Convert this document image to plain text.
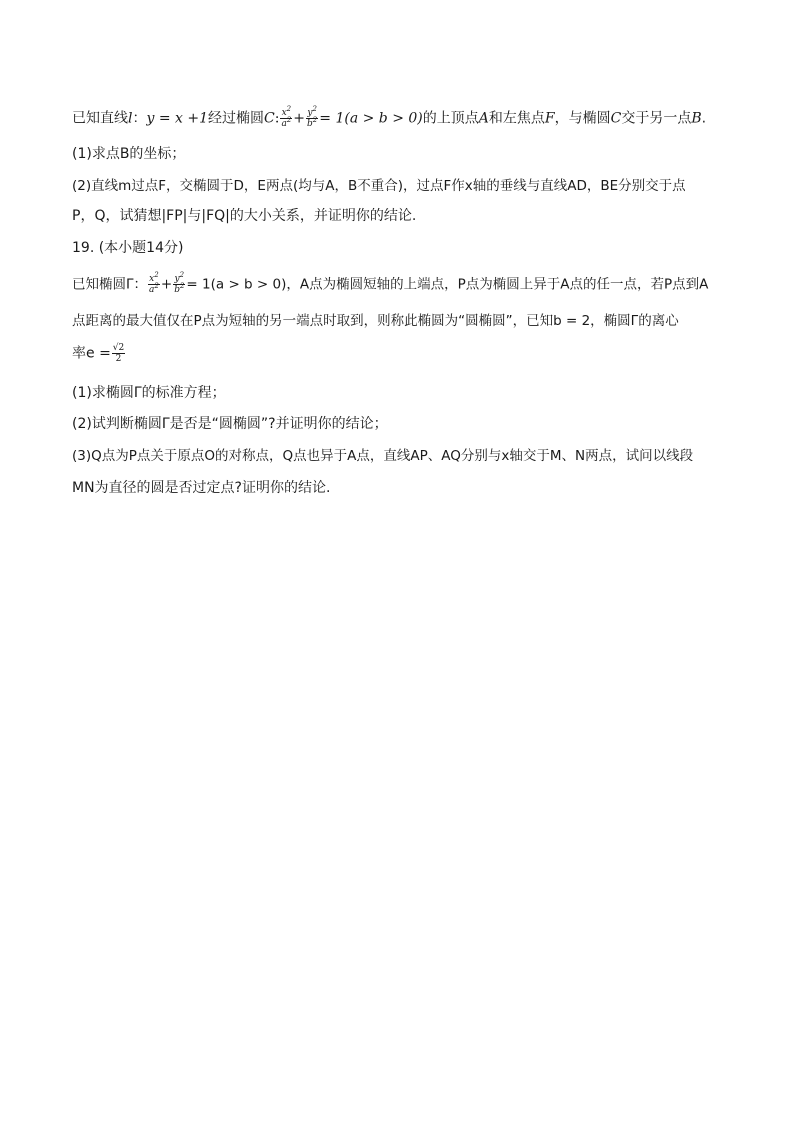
已知直线l：y = x +1经过椭圆C: $\frac{x^2}{a^2} + \frac{y^2}{b^2} = 1(a > b > 0)$的上顶点A和左焦点F，与椭圆C交于另一点B.
(1)求点B的坐标；
(2)直线m过点F，交椭圆于D，E两点(均与A，B不重合)，过点F作x轴的垂线与直线AD，BE分别交于点
P，Q，试猜想|FP|与|FQ|的大小关系，并证明你的结论.
19. (本小题14分)
已知椭圆Γ： $\frac{x^2}{a^2} + \frac{y^2}{b^2} = 1(a > b > 0)$，A点为椭圆短轴的上端点，P点为椭圆上异于A点的任一点，若P点到A
点距离的最大值仅在P点为短轴的另一端点时取到，则称此椭圆为“圆椭圆”，已知b = 2，椭圆Γ的离心
率$e = \frac{√2}{2}$
(1)求椭圆Γ的标准方程；
(2)试判断椭圆Γ是否是“圆椭圆”?并证明你的结论；
(3)Q点为P点关于原点O的对称点，Q点也异于A点，直线AP、AQ分别与x轴交于M、N两点，试问以线段
MN为直径的圆是否过定点?证明你的结论.
